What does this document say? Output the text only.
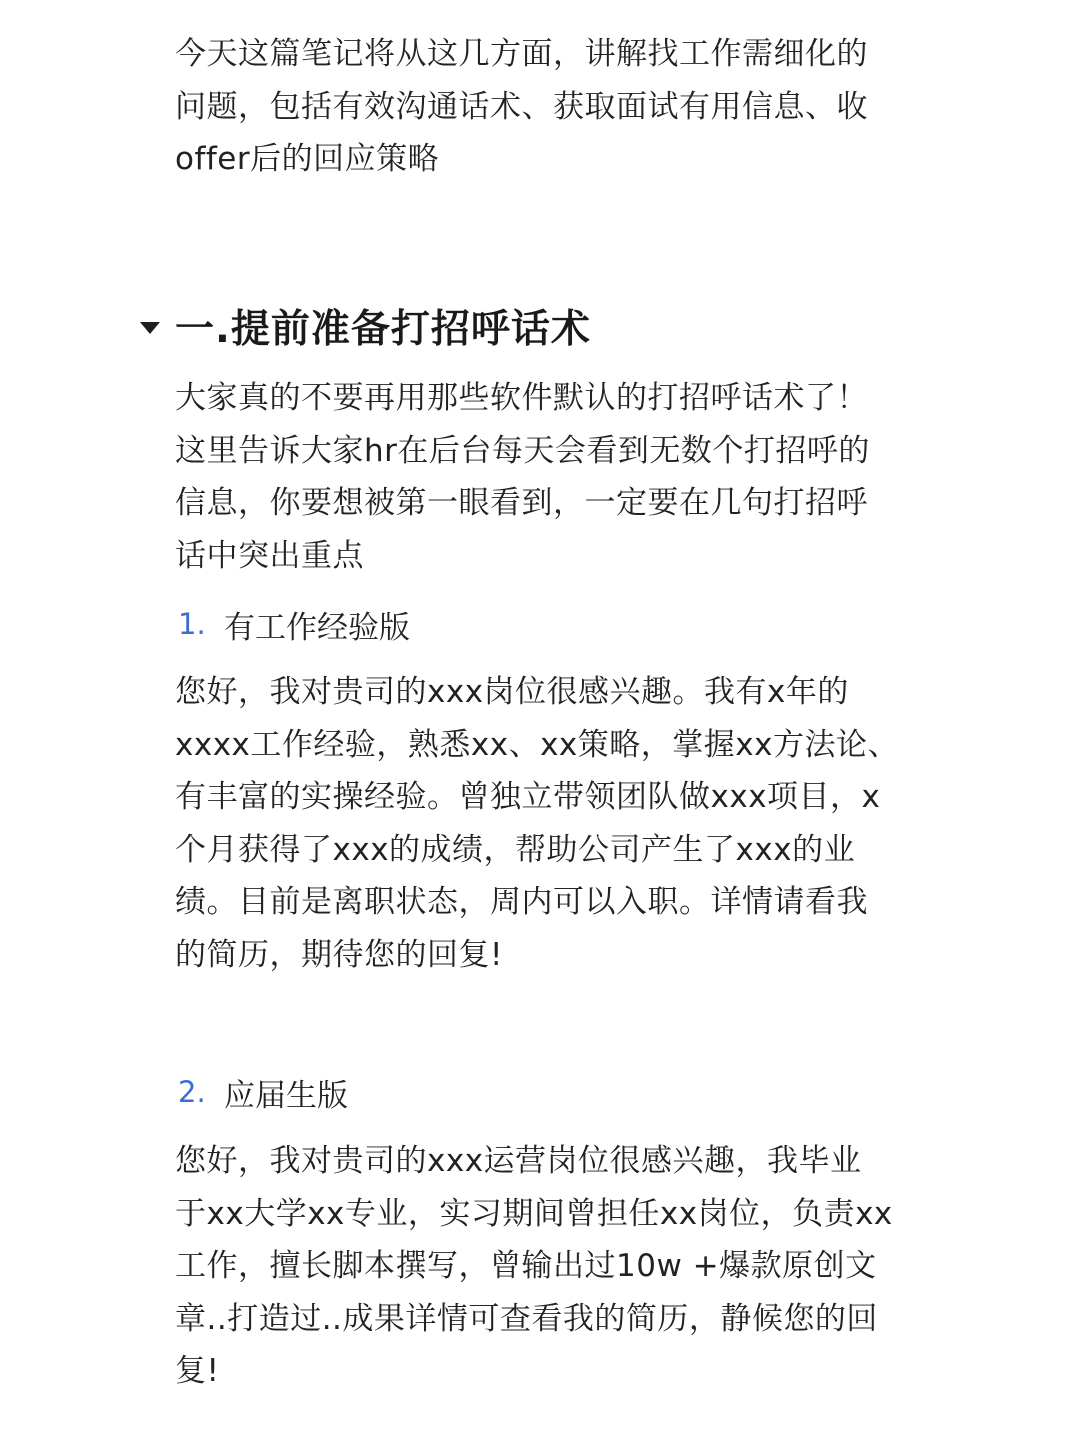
今天这篇笔记将从这几方面，讲解找工作需细化的
问题，包括有效沟通话术、获取面试有用信息、收
offer后的回应策略

一.提前准备打招呼话术

大家真的不要再用那些软件默认的打招呼话术了！
这里告诉大家hr在后台每天会看到无数个打招呼的
信息，你要想被第一眼看到，一定要在几句打招呼
话中突出重点

1. 有工作经验版

您好，我对贵司的xxx岗位很感兴趣。我有x年的
xxxx工作经验，熟悉xx、xx策略，掌握xx方法论、
有丰富的实操经验。曾独立带领团队做xxx项目，x
个月获得了xxx的成绩，帮助公司产生了xxx的业
绩。目前是离职状态，周内可以入职。详情请看我
的简历，期待您的回复!

2. 应届生版

您好，我对贵司的xxx运营岗位很感兴趣，我毕业
于xx大学xx专业，实习期间曾担任xx岗位，负责xx
工作，擅长脚本撰写，曾输出过10w +爆款原创文
章..打造过..成果详情可查看我的简历，静候您的回
复!
